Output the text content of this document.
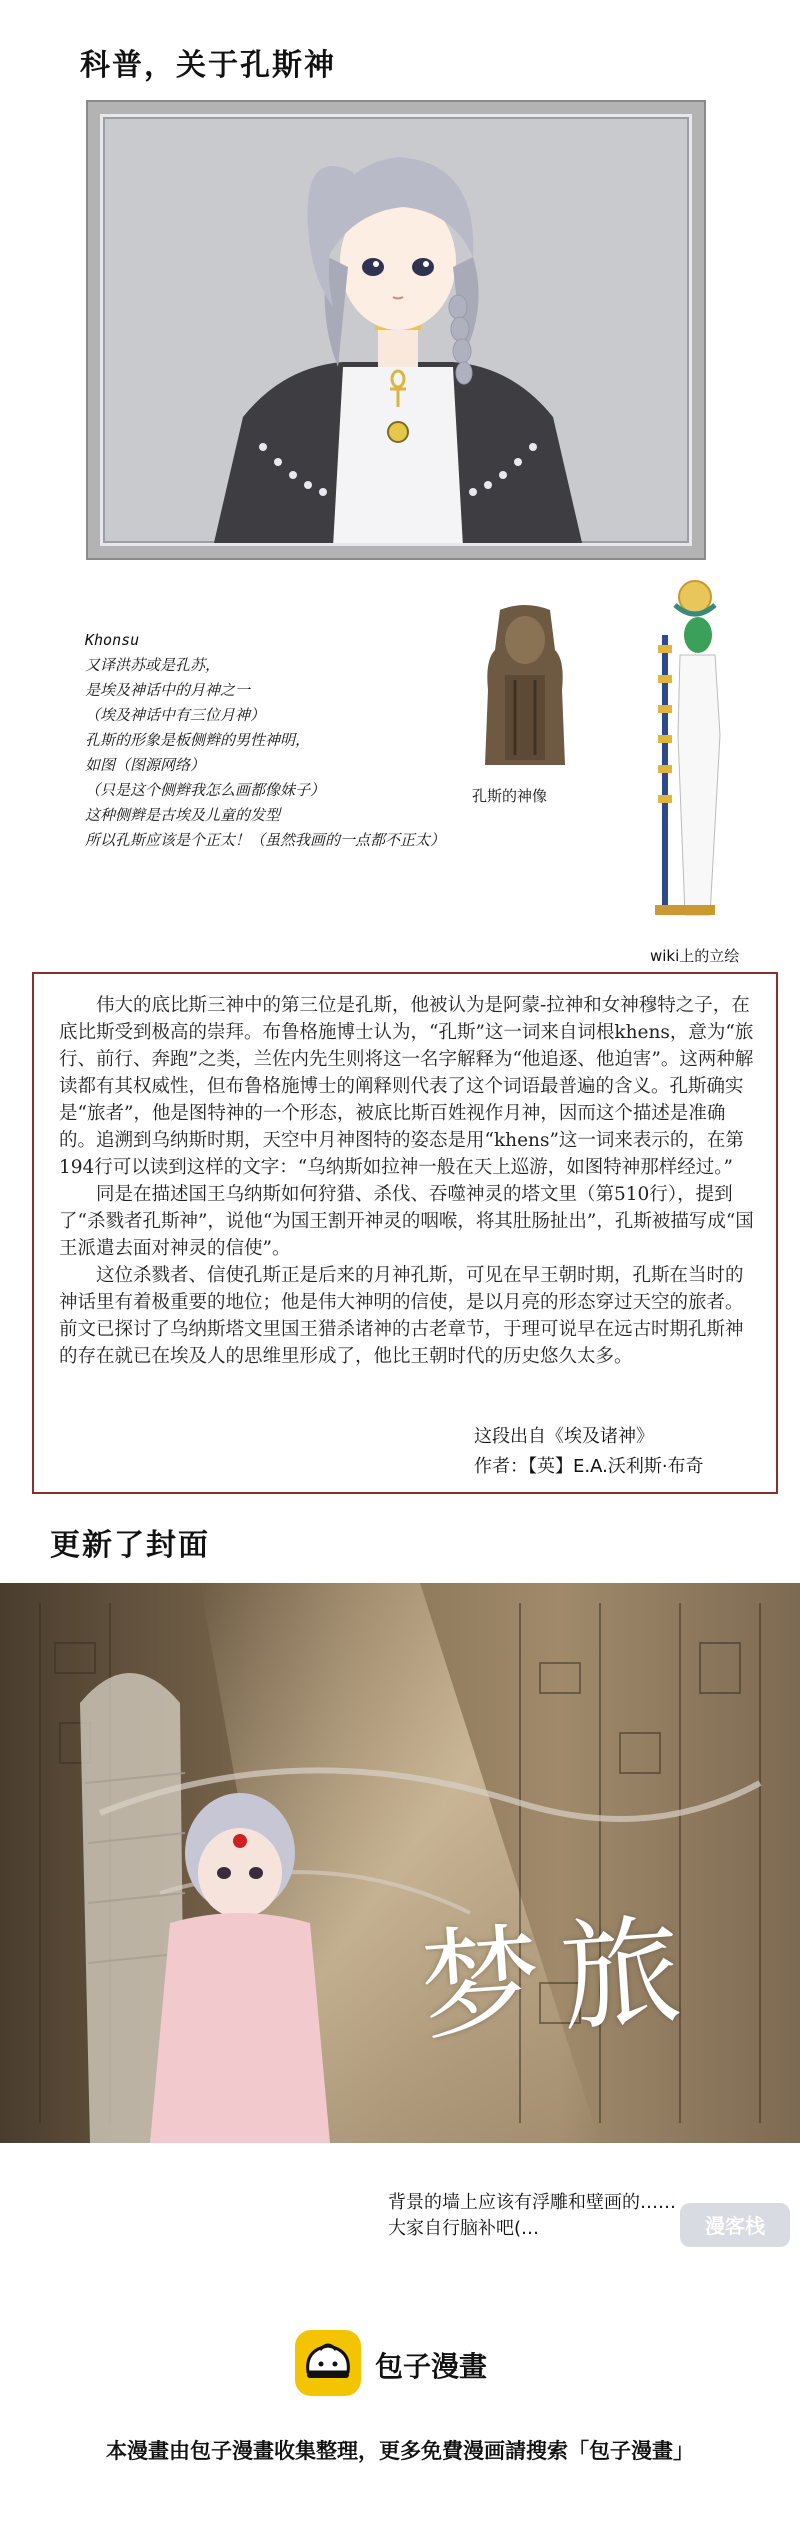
科普，关于孔斯神
Khonsu
又译洪苏或是孔苏，
是埃及神话中的月神之一
（埃及神话中有三位月神）
孔斯的形象是板侧辫的男性神明，
如图（图源网络）
（只是这个侧辫我怎么画都像妹子）
这种侧辫是古埃及儿童的发型
所以孔斯应该是个正太！（虽然我画的一点都不正太）
孔斯的神像
wiki上的立绘

伟大的底比斯三神中的第三位是孔斯，他被认为是阿蒙-拉神和女神穆特之子，在底比斯受到极高的崇拜。布鲁格施博士认为，“孔斯”这一词来自词根khens，意为“旅行、前行、奔跑”之类，兰佐内先生则将这一名字解释为“他追逐、他迫害”。这两种解读都有其权威性，但布鲁格施博士的阐释则代表了这个词语最普遍的含义。孔斯确实是“旅者”，他是图特神的一个形态，被底比斯百姓视作月神，因而这个描述是准确的。追溯到乌纳斯时期，天空中月神图特的姿态是用“khens”这一词来表示的，在第194行可以读到这样的文字：“乌纳斯如拉神一般在天上巡游，如图特神那样经过。”

同是在描述国王乌纳斯如何狩猎、杀伐、吞噬神灵的塔文里（第510行），提到了“杀戮者孔斯神”，说他“为国王割开神灵的咽喉，将其肚肠扯出”，孔斯被描写成“国王派遣去面对神灵的信使”。

这位杀戮者、信使孔斯正是后来的月神孔斯，可见在早王朝时期，孔斯在当时的神话里有着极重要的地位；他是伟大神明的信使，是以月亮的形态穿过天空的旅者。前文已探讨了乌纳斯塔文里国王猎杀诸神的古老章节，于理可说早在远古时期孔斯神的存在就已在埃及人的思维里形成了，他比王朝时代的历史悠久太多。

这段出自《埃及诸神》
作者：【英】E.A.沃利斯·布奇
更新了封面
梦旅
背景的墙上应该有浮雕和壁画的……
大家自行脑补吧(…	漫客栈
包子漫畫
本漫畫由包子漫畫收集整理，更多免費漫画請搜索「包子漫畫」
